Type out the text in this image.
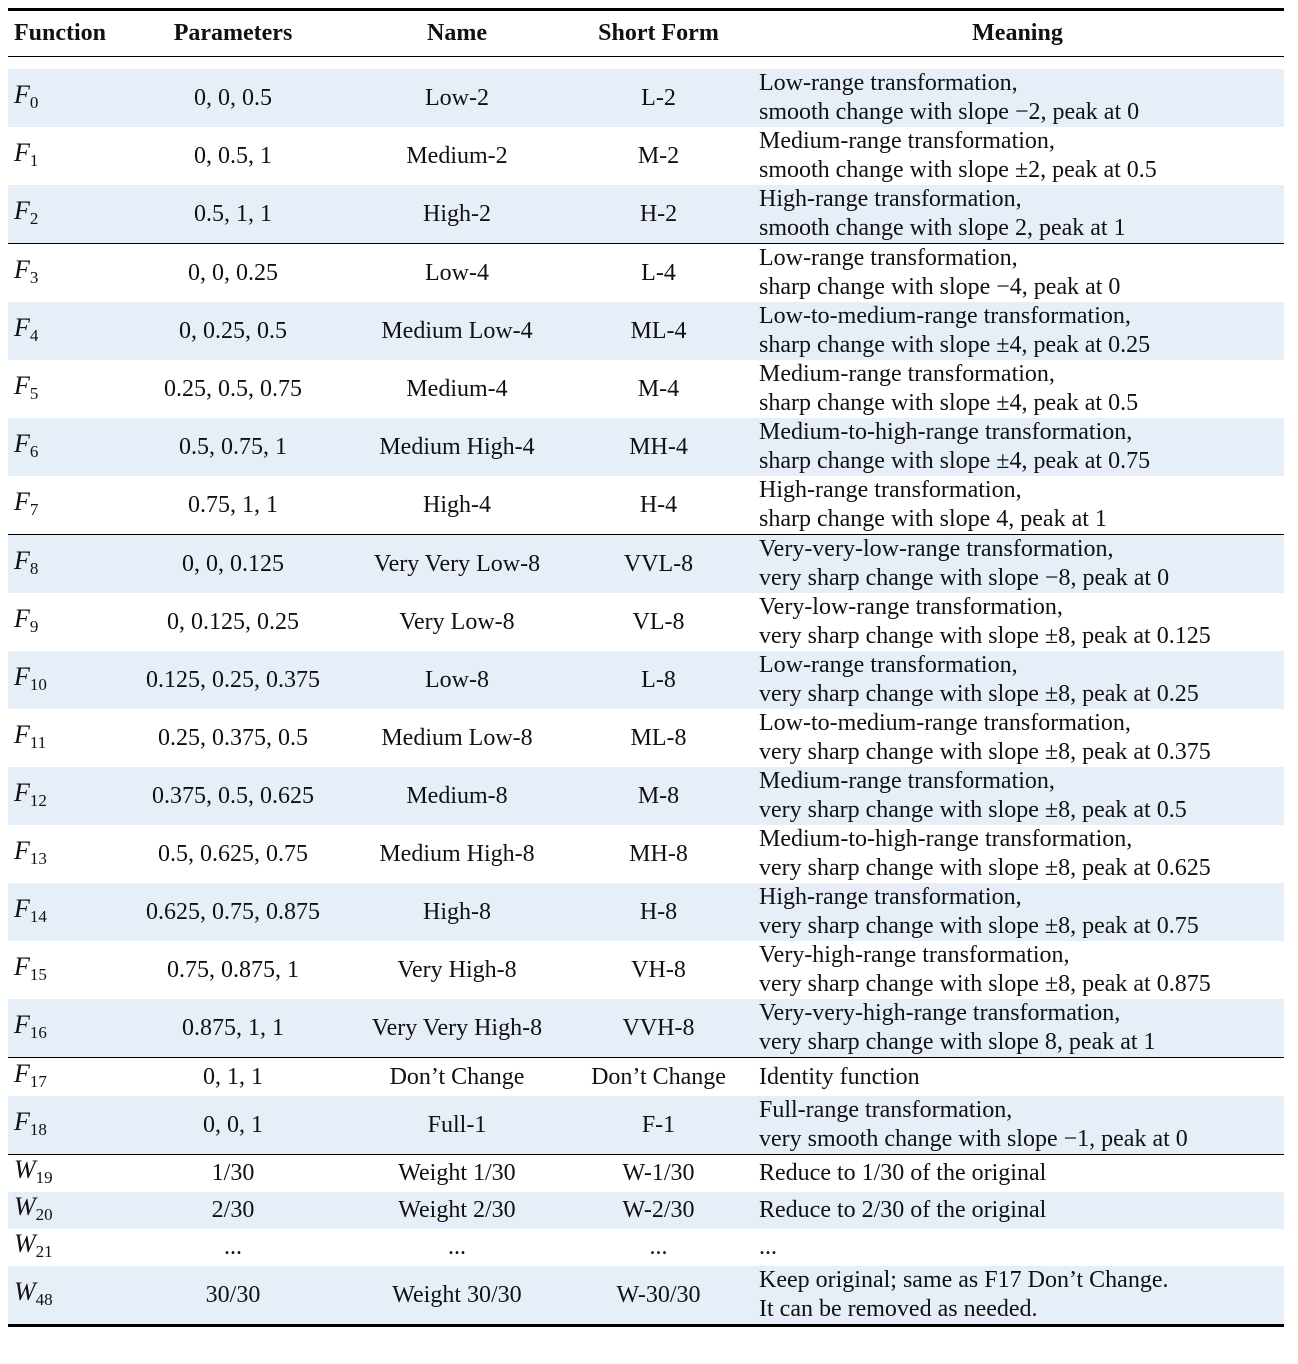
Function	Parameters	Name	Short Form	Meaning

$F_0$	0, 0, 0.5	Low-2	L-2	Low-range transformation,
smooth change with slope −2, peak at 0

$F_1$	0, 0.5, 1	Medium-2	M-2	Medium-range transformation,
smooth change with slope ±2, peak at 0.5

$F_2$	0.5, 1, 1	High-2	H-2	High-range transformation,
smooth change with slope 2, peak at 1

$F_3$	0, 0, 0.25	Low-4	L-4	Low-range transformation,
sharp change with slope −4, peak at 0

$F_4$	0, 0.25, 0.5	Medium Low-4	ML-4	Low-to-medium-range transformation,
sharp change with slope ±4, peak at 0.25

$F_5$	0.25, 0.5, 0.75	Medium-4	M-4	Medium-range transformation,
sharp change with slope ±4, peak at 0.5

$F_6$	0.5, 0.75, 1	Medium High-4	MH-4	Medium-to-high-range transformation,
sharp change with slope ±4, peak at 0.75

$F_7$	0.75, 1, 1	High-4	H-4	High-range transformation,
sharp change with slope 4, peak at 1

$F_8$	0, 0, 0.125	Very Very Low-8	VVL-8	Very-very-low-range transformation,
very sharp change with slope −8, peak at 0

$F_9$	0, 0.125, 0.25	Very Low-8	VL-8	Very-low-range transformation,
very sharp change with slope ±8, peak at 0.125

$F_{10}$	0.125, 0.25, 0.375	Low-8	L-8	Low-range transformation,
very sharp change with slope ±8, peak at 0.25

$F_{11}$	0.25, 0.375, 0.5	Medium Low-8	ML-8	Low-to-medium-range transformation,
very sharp change with slope ±8, peak at 0.375

$F_{12}$	0.375, 0.5, 0.625	Medium-8	M-8	Medium-range transformation,
very sharp change with slope ±8, peak at 0.5

$F_{13}$	0.5, 0.625, 0.75	Medium High-8	MH-8	Medium-to-high-range transformation,
very sharp change with slope ±8, peak at 0.625

$F_{14}$	0.625, 0.75, 0.875	High-8	H-8	High-range transformation,
very sharp change with slope ±8, peak at 0.75

$F_{15}$	0.75, 0.875, 1	Very High-8	VH-8	Very-high-range transformation,
very sharp change with slope ±8, peak at 0.875

$F_{16}$	0.875, 1, 1	Very Very High-8	VVH-8	Very-very-high-range transformation,
very sharp change with slope 8, peak at 1

$F_{17}$	0, 1, 1	Don’t Change	Don’t Change	Identity function

$F_{18}$	0, 0, 1	Full-1	F-1	Full-range transformation,
very smooth change with slope −1, peak at 0

$W_{19}$	1/30	Weight 1/30	W-1/30	Reduce to 1/30 of the original

$W_{20}$	2/30	Weight 2/30	W-2/30	Reduce to 2/30 of the original

$W_{21}$	...	...	...	...

$W_{48}$	30/30	Weight 30/30	W-30/30	Keep original; same as F17 Don’t Change.
It can be removed as needed.
